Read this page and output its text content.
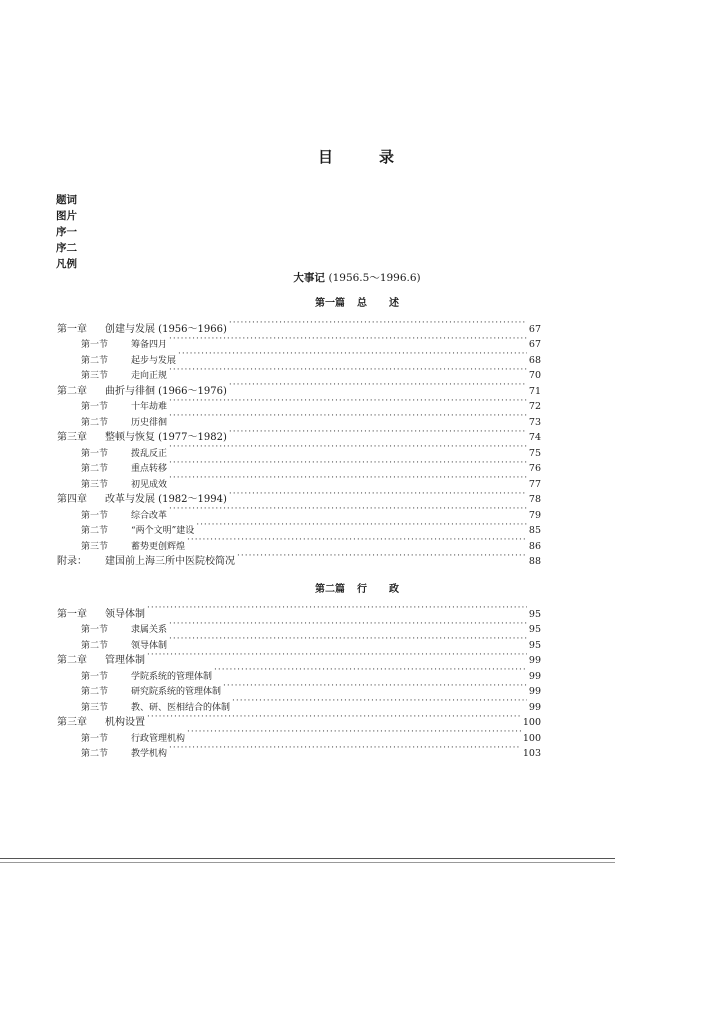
目	录
题词
图片
序一
序二
凡例
大事记 (1956.5～1996.6)
第一篇 总 述
第一章 创建与发展 (1956～1966) ·····	67
第一节	筹备四月 ·····	67
第二节	起步与发展 ·····	68
第三节	走向正规 ·····	70
第二章 曲折与徘徊 (1966～1976) ·····	71
第一节	十年劫难 ·····	72
第二节	历史徘徊 ·····	73
第三章 整顿与恢复 (1977～1982) ·····	74
第一节	拨乱反正 ·····	75
第二节	重点转移 ·····	76
第三节	初见成效 ·····	77
第四章 改革与发展 (1982～1994) ·····	78
第一节	综合改革 ·····	79
第二节	“两个文明”建设 ·····	85
第三节	蓄势更创辉煌 ·····	86
附录： 建国前上海三所中医院校简况 ·····	88
第二篇 行 政
第一章 领导体制 ·····	95
第一节	隶属关系 ·····	95
第二节	领导体制 ·····	95
第二章 管理体制 ·····	99
第一节	学院系统的管理体制 ·····	99
第二节	研究院系统的管理体制 ·····	99
第三节	教、研、医相结合的体制 ·····	99
第三章 机构设置 ·····	100
第一节	行政管理机构 ·····	100
第二节	教学机构 ·····	103
